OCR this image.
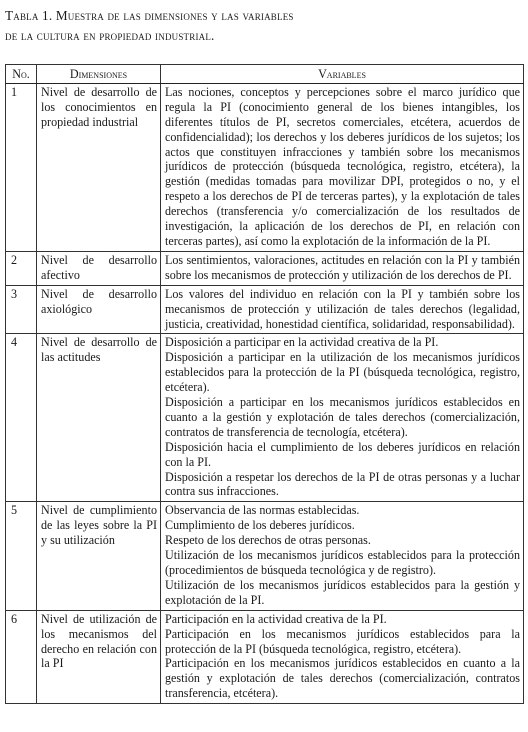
Tabla 1. Muestra de las dimensiones y las variables
de la cultura en propiedad industrial.
No.	Dimensiones	Variables
1	Nivel de desarrollo de los conocimientos en propiedad industrial	Las nociones, conceptos y percepciones sobre el marco jurídico que regula la PI (conocimiento general de los bienes intangibles, los diferentes títulos de PI, secretos comerciales, etcétera, acuerdos de confidencialidad); los derechos y los deberes jurídicos de los sujetos; los actos que constituyen infracciones y también sobre los mecanismos jurídicos de protección (búsqueda tecnológica, registro, etcétera), la gestión (medidas tomadas para movilizar DPI, protegidos o no, y el respeto a los derechos de PI de terceras partes), y la explotación de tales derechos (transferencia y/o comercialización de los resultados de investigación, la aplicación de los derechos de PI, en relación con terceras partes), así como la explotación de la información de la PI.

2	Nivel de desarrollo afectivo	Los sentimientos, valoraciones, actitudes en relación con la PI y también sobre los mecanismos de protección y utilización de los derechos de PI.

3	Nivel de desarrollo axiológico	Los valores del individuo en relación con la PI y también sobre los mecanismos de protección y utilización de tales derechos (legalidad, justicia, creatividad, honestidad científica, solidaridad, responsabilidad).

4	Nivel de desarrollo de las actitudes	Disposición a participar en la actividad creativa de la PI.
Disposición a participar en la utilización de los mecanismos jurídicos establecidos para la protección de la PI (búsqueda tecnológica, registro, etcétera).
Disposición a participar en los mecanismos jurídicos establecidos en cuanto a la gestión y explotación de tales derechos (comercialización, contratos de transferencia de tecnología, etcétera).
Disposición hacia el cumplimiento de los deberes jurídicos en relación con la PI.
Disposición a respetar los derechos de la PI de otras personas y a luchar contra sus infracciones.

5	Nivel de cumplimiento de las leyes sobre la PI y su utilización	Observancia de las normas establecidas.
Cumplimiento de los deberes jurídicos.
Respeto de los derechos de otras personas.
Utilización de los mecanismos jurídicos establecidos para la protección (procedimientos de búsqueda tecnológica y de registro).
Utilización de los mecanismos jurídicos establecidos para la gestión y explotación de la PI.

6	Nivel de utilización de los mecanismos del derecho en relación con la PI	Participación en la actividad creativa de la PI.
Participación en los mecanismos jurídicos establecidos para la protección de la PI (búsqueda tecnológica, registro, etcétera).
Participación en los mecanismos jurídicos establecidos en cuanto a la gestión y explotación de tales derechos (comercialización, contratos transferencia, etcétera).
